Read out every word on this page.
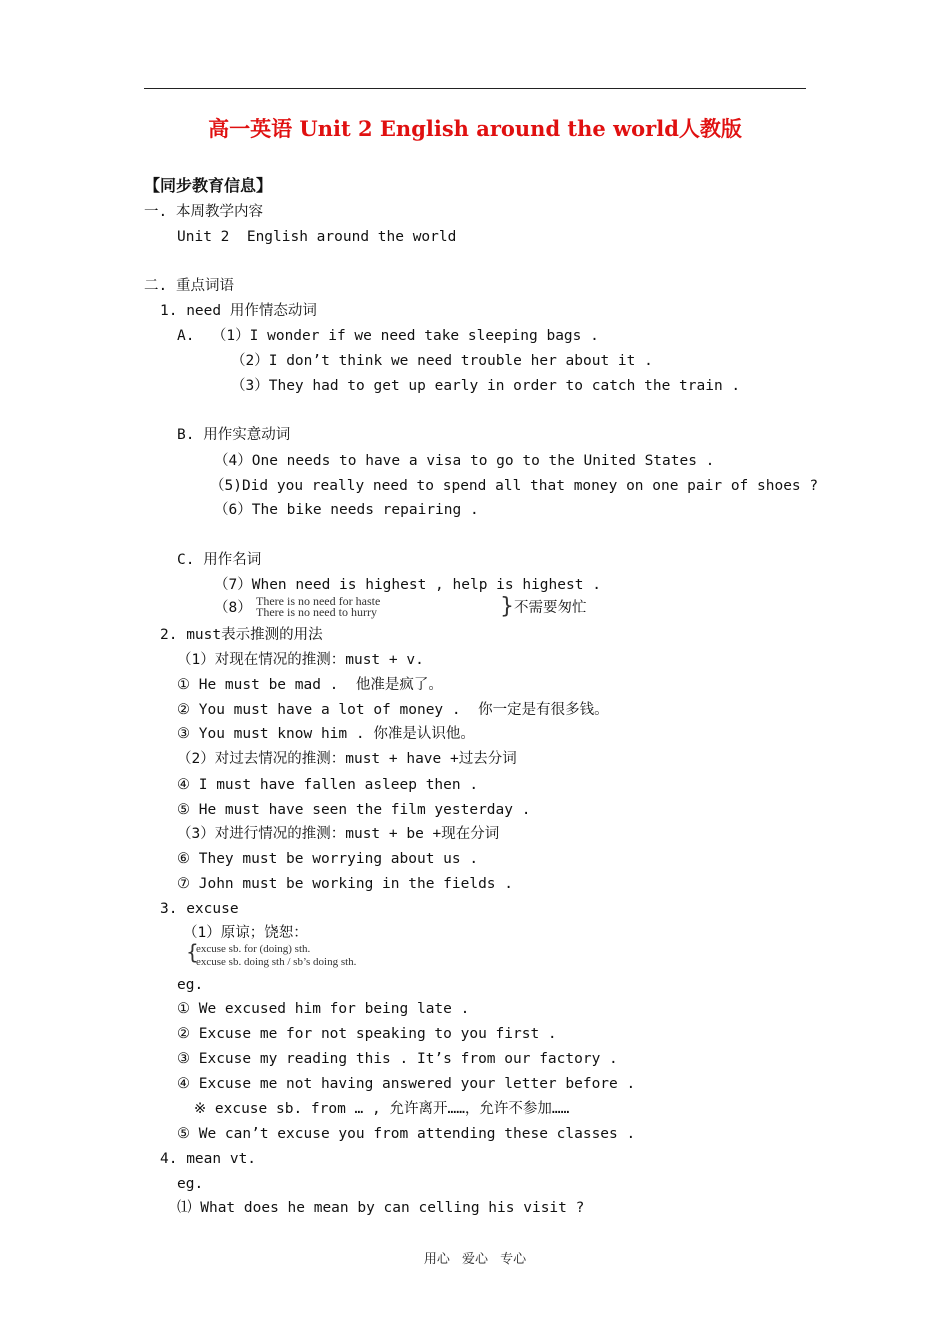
高一英语 Unit 2 English around the world人教版
【同步教育信息】
一. 本周教学内容
Unit 2  English around the world
二. 重点词语
1. need 用作情态动词
A.  （1）I wonder if we need take sleeping bags .
（2）I don’t think we need trouble her about it .
（3）They had to get up early in order to catch the train .
B. 用作实意动词
（4）One needs to have a visa to go to the United States .
（5)Did you really need to spend all that money on one pair of shoes ?
（6）The bike needs repairing .
C. 用作名词
（7）When need is highest , help is highest .
（8） There is no need for haste
There is no need to hurry	} 不需要匆忙
2. must表示推测的用法
（1）对现在情况的推测：must + v.
① He must be mad .  他准是疯了。
② You must have a lot of money .  你一定是有很多钱。
③ You must know him . 你准是认识他。
（2）对过去情况的推测：must + have +过去分词
④ I must have fallen asleep then .
⑤ He must have seen the film yesterday .
（3）对进行情况的推测：must + be +现在分词
⑥ They must be worrying about us .
⑦ John must be working in the fields .
3. excuse
（1）原谅；饶恕：
{
excuse sb. for (doing) sth.
excuse sb. doing sth / sb’s doing sth.
eg.
① We excused him for being late .
② Excuse me for not speaking to you first .
③ Excuse my reading this . It’s from our factory .
④ Excuse me not having answered your letter before .
※ excuse sb. from … , 允许离开……，允许不参加……
⑤ We can’t excuse you from attending these classes .
4. mean vt.
eg.
⑴ What does he mean by can celling his visit ?
用心 爱心 专心
